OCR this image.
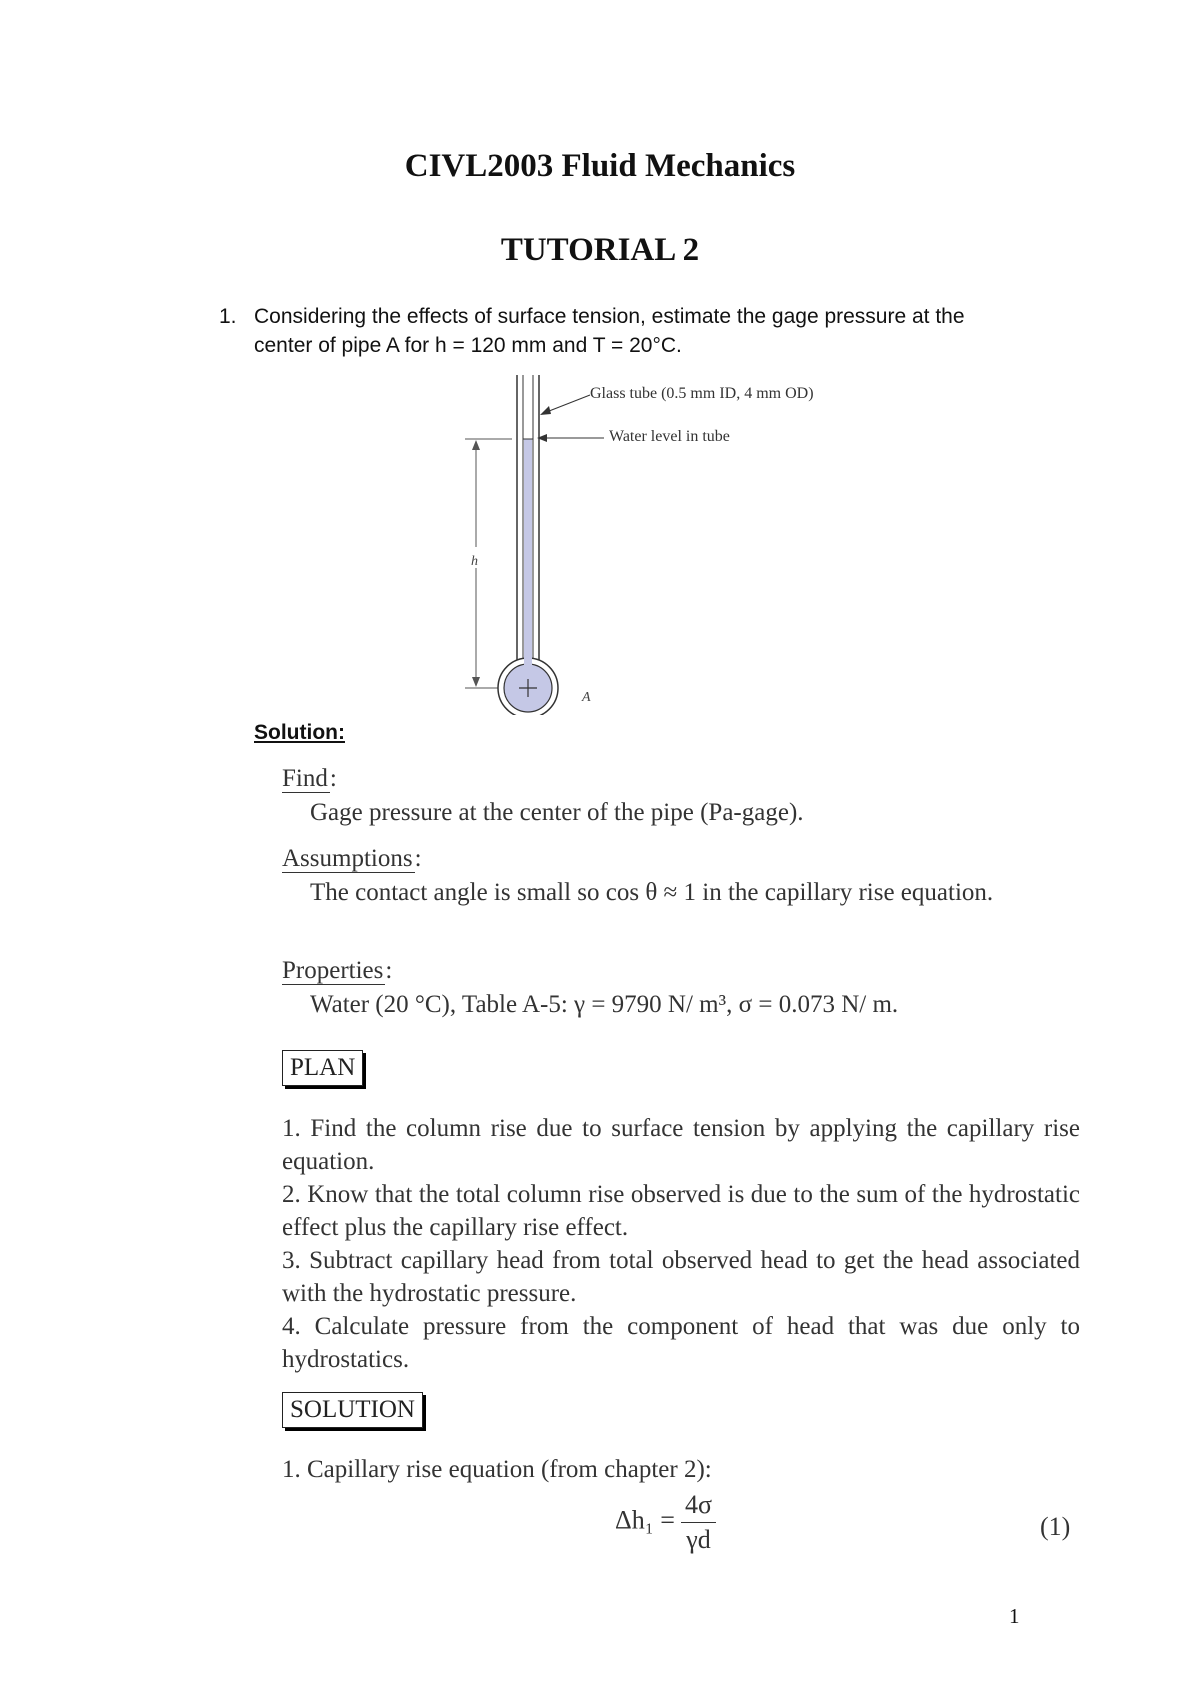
CIVL2003 Fluid Mechanics
TUTORIAL 2
1. Considering the effects of surface tension, estimate the gage pressure at the center of pipe A for h = 120 mm and T = 20°C.
Glass tube (0.5 mm ID, 4 mm OD)
Water level in tube
h
A
Solution:
Find:
Gage pressure at the center of the pipe (Pa-gage).
Assumptions:
The contact angle is small so cos θ ≈ 1 in the capillary rise equation.
Properties:
Water (20 °C), Table A-5: γ = 9790 N/ m³, σ = 0.073 N/ m.
PLAN
1. Find the column rise due to surface tension by applying the capillary rise equation.
2. Know that the total column rise observed is due to the sum of the hydrostatic effect plus the capillary rise effect.
3. Subtract capillary head from total observed head to get the head associated with the hydrostatic pressure.
4. Calculate pressure from the component of head that was due only to hydrostatics.
SOLUTION
1. Capillary rise equation (from chapter 2):
$\Delta h_1 = \frac{4\sigma}{\gamma d}$	(1)
1
